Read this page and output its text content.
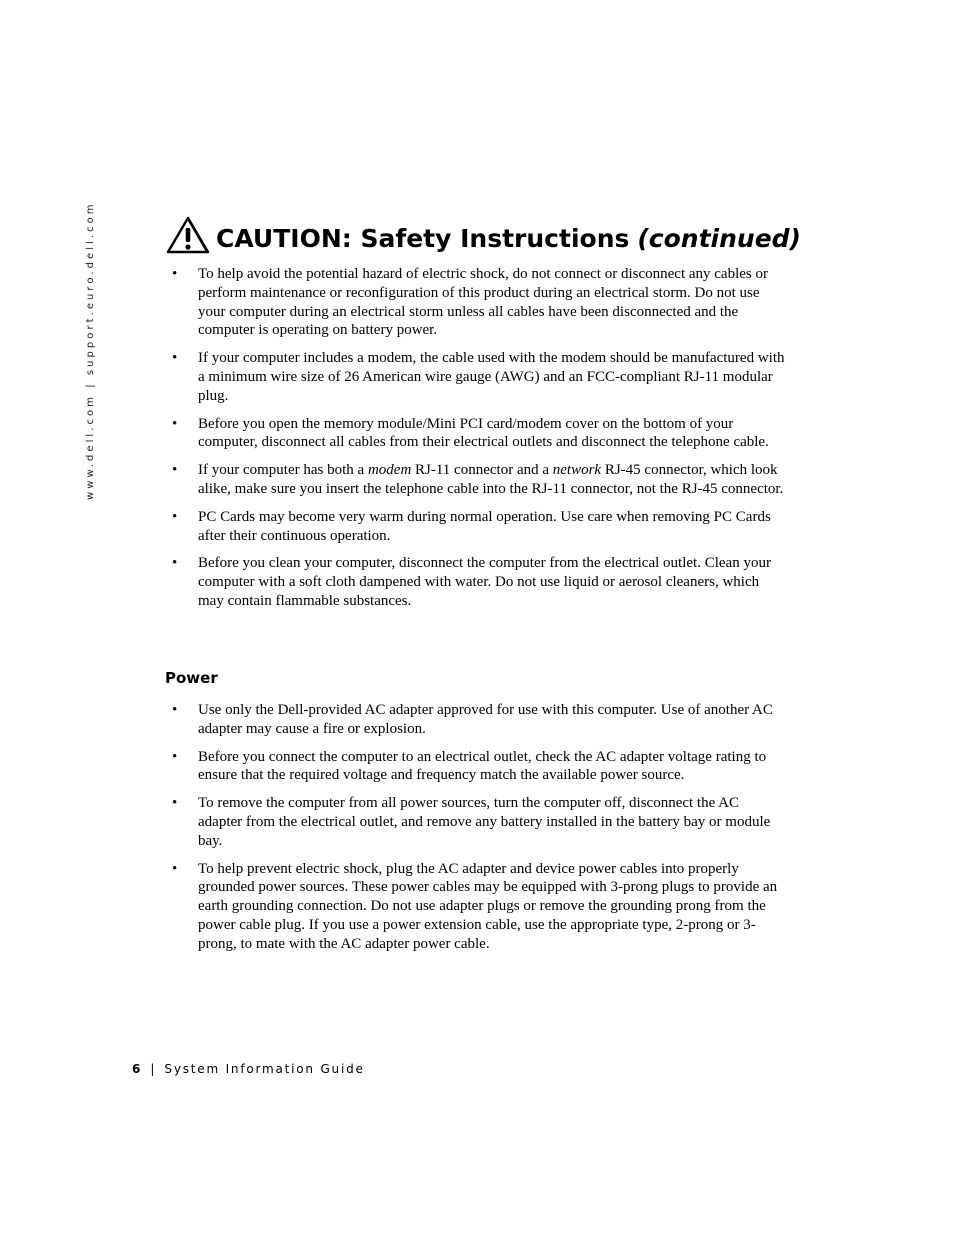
www.dell.com | support.euro.dell.com	CAUTION: Safety Instructions (continued)
• To help avoid the potential hazard of electric shock, do not connect or disconnect any cables or perform maintenance or reconfiguration of this product during an electrical storm. Do not use your computer during an electrical storm unless all cables have been disconnected and the computer is operating on battery power.
• If your computer includes a modem, the cable used with the modem should be manufactured with a minimum wire size of 26 American wire gauge (AWG) and an FCC-compliant RJ-11 modular plug.
• Before you open the memory module/Mini PCI card/modem cover on the bottom of your computer, disconnect all cables from their electrical outlets and disconnect the telephone cable.
• If your computer has both a modem RJ-11 connector and a network RJ-45 connector, which look alike, make sure you insert the telephone cable into the RJ-11 connector, not the RJ-45 connector.
• PC Cards may become very warm during normal operation. Use care when removing PC Cards after their continuous operation.
• Before you clean your computer, disconnect the computer from the electrical outlet. Clean your computer with a soft cloth dampened with water. Do not use liquid or aerosol cleaners, which may contain flammable substances.
Power
• Use only the Dell-provided AC adapter approved for use with this computer. Use of another AC adapter may cause a fire or explosion.
• Before you connect the computer to an electrical outlet, check the AC adapter voltage rating to ensure that the required voltage and frequency match the available power source.
• To remove the computer from all power sources, turn the computer off, disconnect the AC adapter from the electrical outlet, and remove any battery installed in the battery bay or module bay.
• To help prevent electric shock, plug the AC adapter and device power cables into properly grounded power sources. These power cables may be equipped with 3-prong plugs to provide an earth grounding connection. Do not use adapter plugs or remove the grounding prong from the power cable plug. If you use a power extension cable, use the appropriate type, 2-prong or 3-prong, to mate with the AC adapter power cable.
6 | System Information Guide
